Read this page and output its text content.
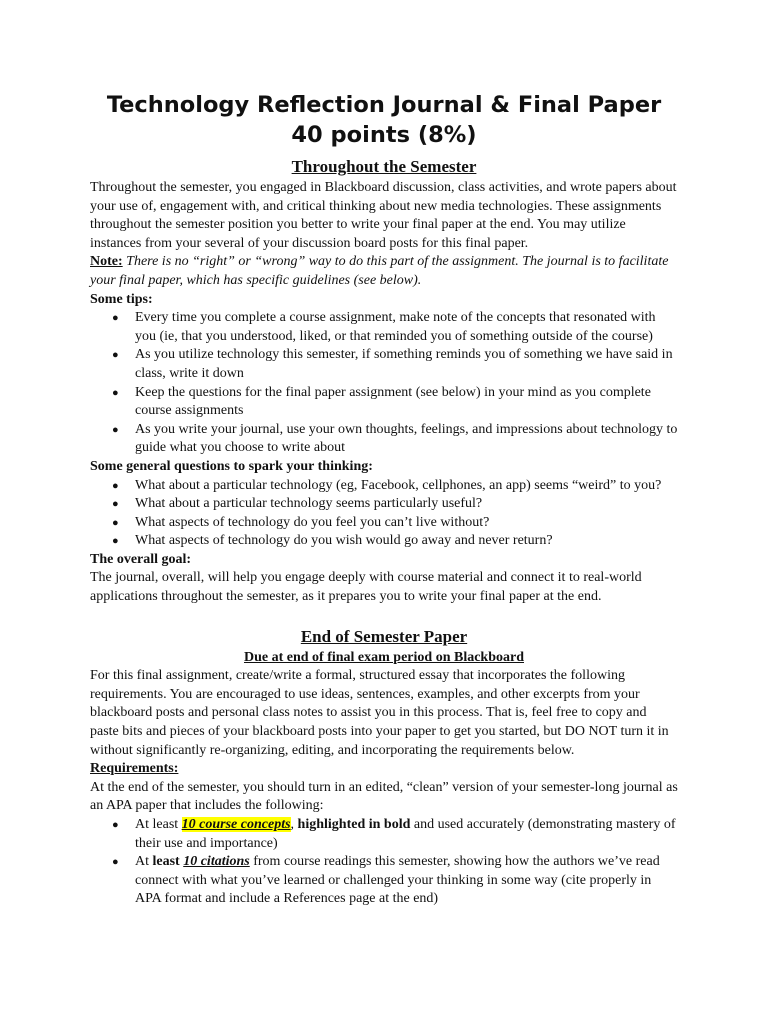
Technology Reflection Journal & Final Paper
40 points (8%)
Throughout the Semester

Throughout the semester, you engaged in Blackboard discussion, class activities, and wrote papers about your use of, engagement with, and critical thinking about new media technologies. These assignments throughout the semester position you better to write your final paper at the end. You may utilize instances from your several of your discussion board posts for this final paper.

Note: There is no “right” or “wrong” way to do this part of the assignment. The journal is to facilitate your final paper, which has specific guidelines (see below).

Some tips:

● Every time you complete a course assignment, make note of the concepts that resonated with you (ie, that you understood, liked, or that reminded you of something outside of the course)
● As you utilize technology this semester, if something reminds you of something we have said in class, write it down
● Keep the questions for the final paper assignment (see below) in your mind as you complete course assignments
● As you write your journal, use your own thoughts, feelings, and impressions about technology to guide what you choose to write about

Some general questions to spark your thinking:

● What about a particular technology (eg, Facebook, cellphones, an app) seems “weird” to you?
● What about a particular technology seems particularly useful?
● What aspects of technology do you feel you can’t live without?
● What aspects of technology do you wish would go away and never return?

The overall goal:

The journal, overall, will help you engage deeply with course material and connect it to real-world applications throughout the semester, as it prepares you to write your final paper at the end.

End of Semester Paper
Due at end of final exam period on Blackboard

For this final assignment, create/write a formal, structured essay that incorporates the following requirements. You are encouraged to use ideas, sentences, examples, and other excerpts from your blackboard posts and personal class notes to assist you in this process. That is, feel free to copy and paste bits and pieces of your blackboard posts into your paper to get you started, but DO NOT turn it in without significantly re-organizing, editing, and incorporating the requirements below.

Requirements:

At the end of the semester, you should turn in an edited, “clean” version of your semester-long journal as an APA paper that includes the following:

● At least 10 course concepts, highlighted in bold and used accurately (demonstrating mastery of their use and importance)
● At least 10 citations from course readings this semester, showing how the authors we’ve read connect with what you’ve learned or challenged your thinking in some way (cite properly in APA format and include a References page at the end)
